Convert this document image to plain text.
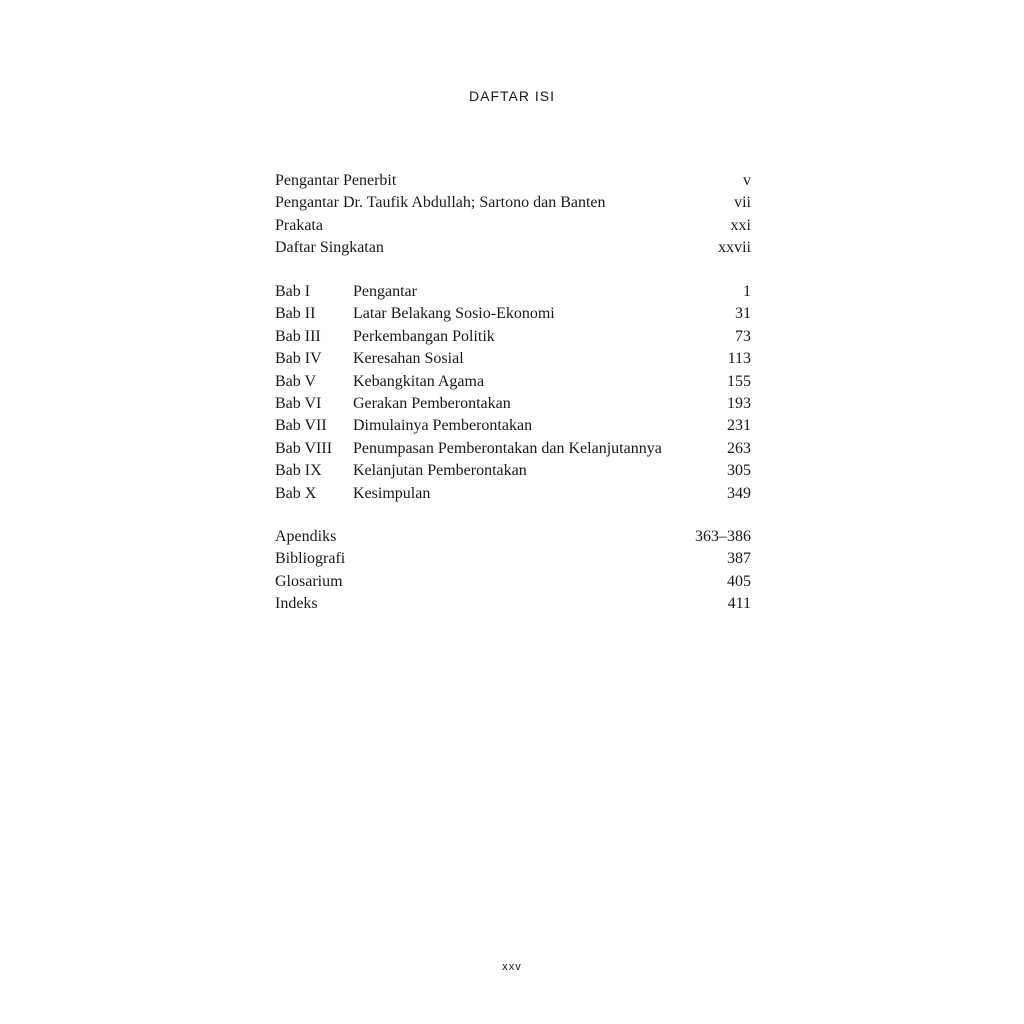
DAFTAR ISI
Pengantar Penerbit	v
Pengantar Dr. Taufik Abdullah; Sartono dan Banten	vii
Prakata	xxi
Daftar Singkatan	xxvii
Bab I	Pengantar	1
Bab II	Latar Belakang Sosio-Ekonomi	31
Bab III	Perkembangan Politik	73
Bab IV	Keresahan Sosial	113
Bab V	Kebangkitan Agama	155
Bab VI	Gerakan Pemberontakan	193
Bab VII	Dimulainya Pemberontakan	231
Bab VIII	Penumpasan Pemberontakan dan Kelanjutannya	263
Bab IX	Kelanjutan Pemberontakan	305
Bab X	Kesimpulan	349
Apendiks	363–386
Bibliografi	387
Glosarium	405
Indeks	411
xxv
